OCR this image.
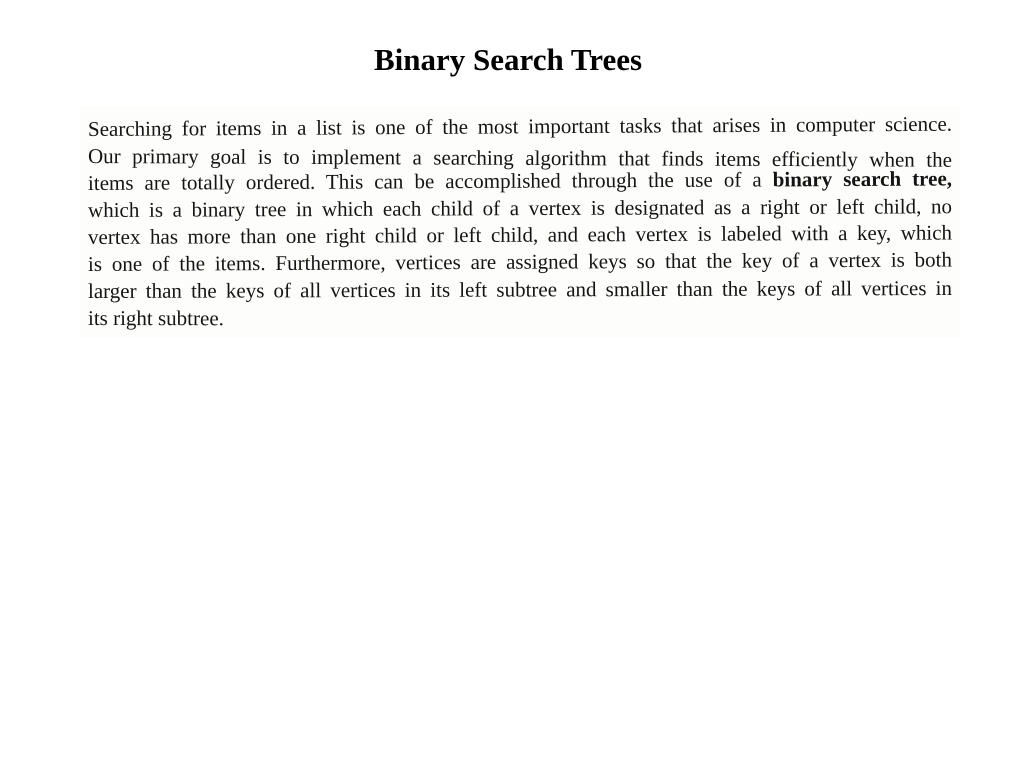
Binary Search Trees

Searching for items in a list is one of the most important tasks that arises in computer science.
Our primary goal is to implement a searching algorithm that finds items efficiently when the
items are totally ordered. This can be accomplished through the use of a binary search tree,
which is a binary tree in which each child of a vertex is designated as a right or left child, no
vertex has more than one right child or left child, and each vertex is labeled with a key, which
is one of the items. Furthermore, vertices are assigned keys so that the key of a vertex is both
larger than the keys of all vertices in its left subtree and smaller than the keys of all vertices in
its right subtree.
